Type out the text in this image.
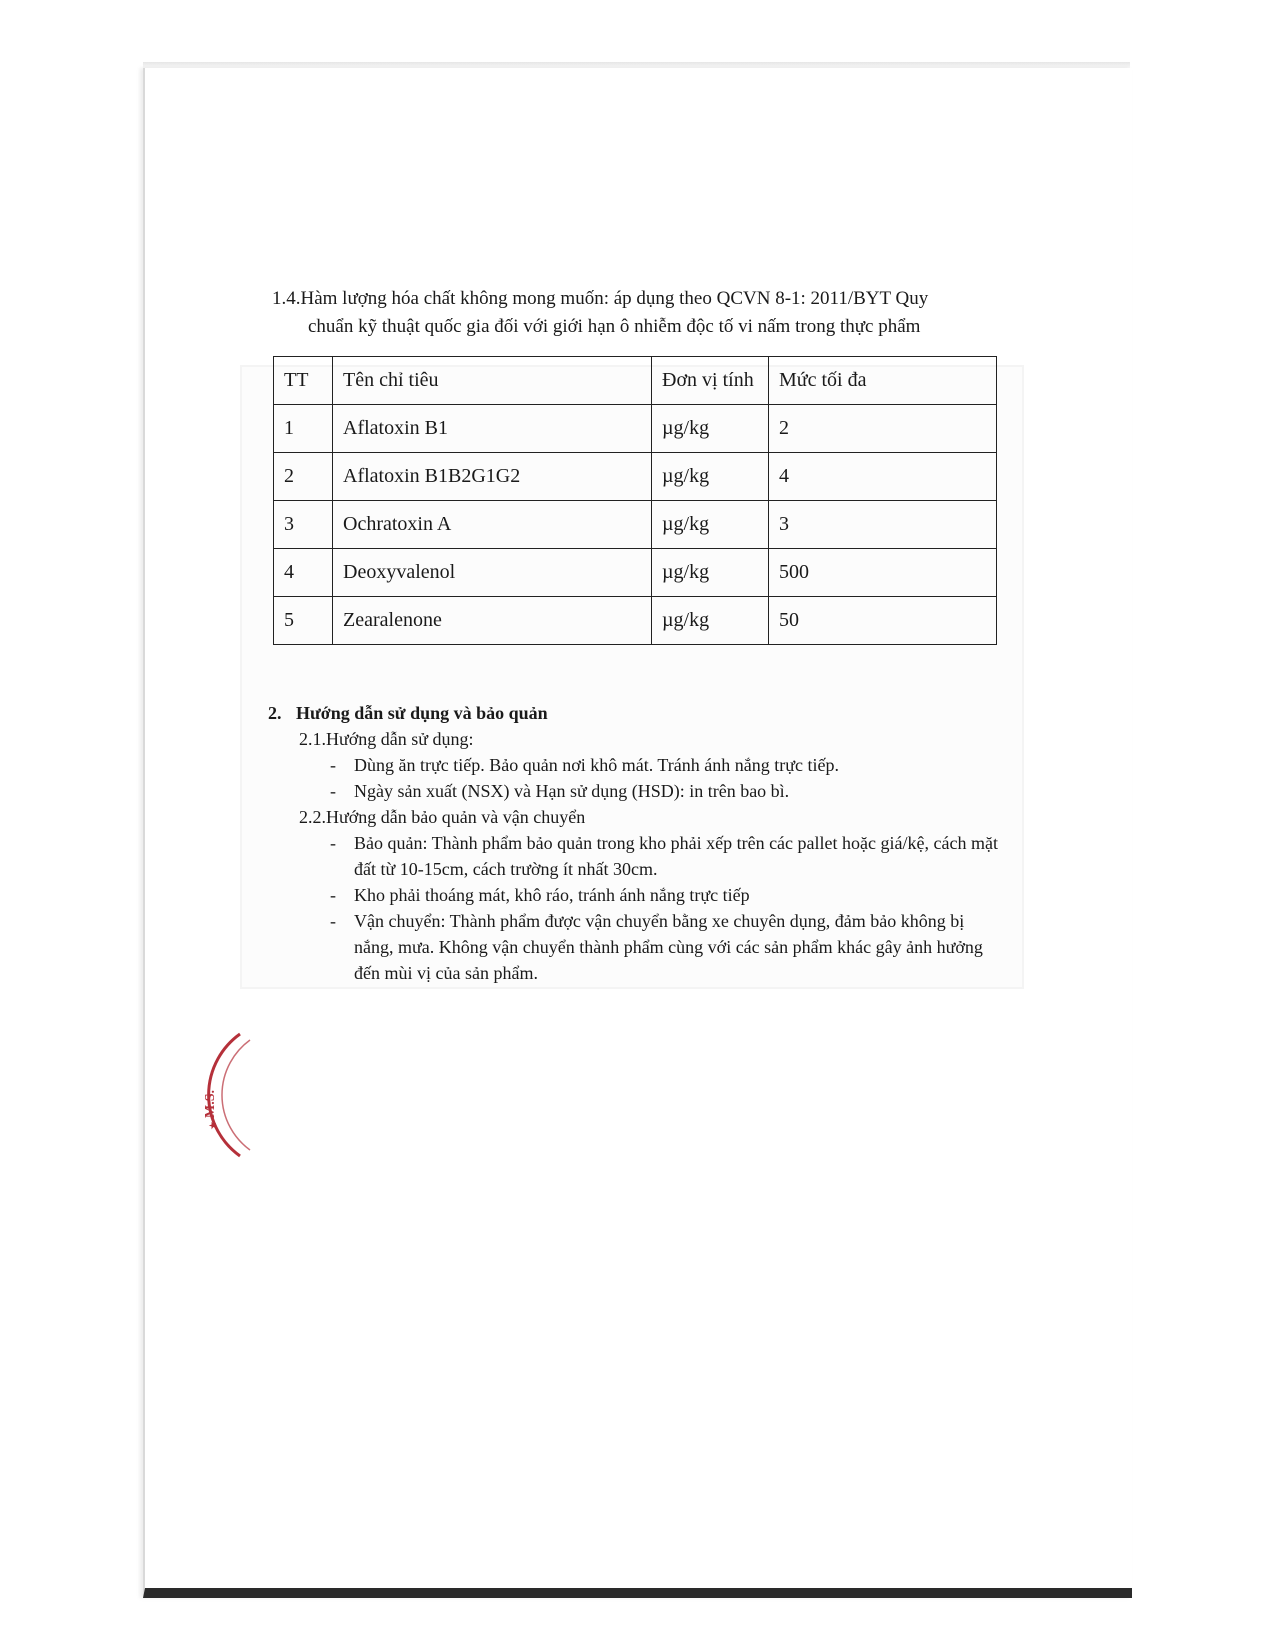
1.4.Hàm lượng hóa chất không mong muốn: áp dụng theo QCVN 8-1: 2011/BYT Quy
chuẩn kỹ thuật quốc gia đối với giới hạn ô nhiễm độc tố vi nấm trong thực phẩm
TT	Tên chỉ tiêu	Đơn vị tính	Mức tối đa
1	Aflatoxin B1	µg/kg	2
2	Aflatoxin B1B2G1G2	µg/kg	4
3	Ochratoxin A	µg/kg	3
4	Deoxyvalenol	µg/kg	500
5	Zearalenone	µg/kg	50
2. Hướng dẫn sử dụng và bảo quản
2.1.Hướng dẫn sử dụng:
- Dùng ăn trực tiếp. Bảo quản nơi khô mát. Tránh ánh nắng trực tiếp.
- Ngày sản xuất (NSX) và Hạn sử dụng (HSD): in trên bao bì.
2.2.Hướng dẫn bảo quản và vận chuyển
- Bảo quản: Thành phẩm bảo quản trong kho phải xếp trên các pallet hoặc giá/kệ, cách mặt đất từ 10-15cm, cách trường ít nhất 30cm.
- Kho phải thoáng mát, khô ráo, tránh ánh nắng trực tiếp
- Vận chuyển: Thành phẩm được vận chuyển bằng xe chuyên dụng, đảm bảo không bị nắng, mưa. Không vận chuyển thành phẩm cùng với các sản phẩm khác gây ảnh hưởng đến mùi vị của sản phẩm.
M.S.
★
